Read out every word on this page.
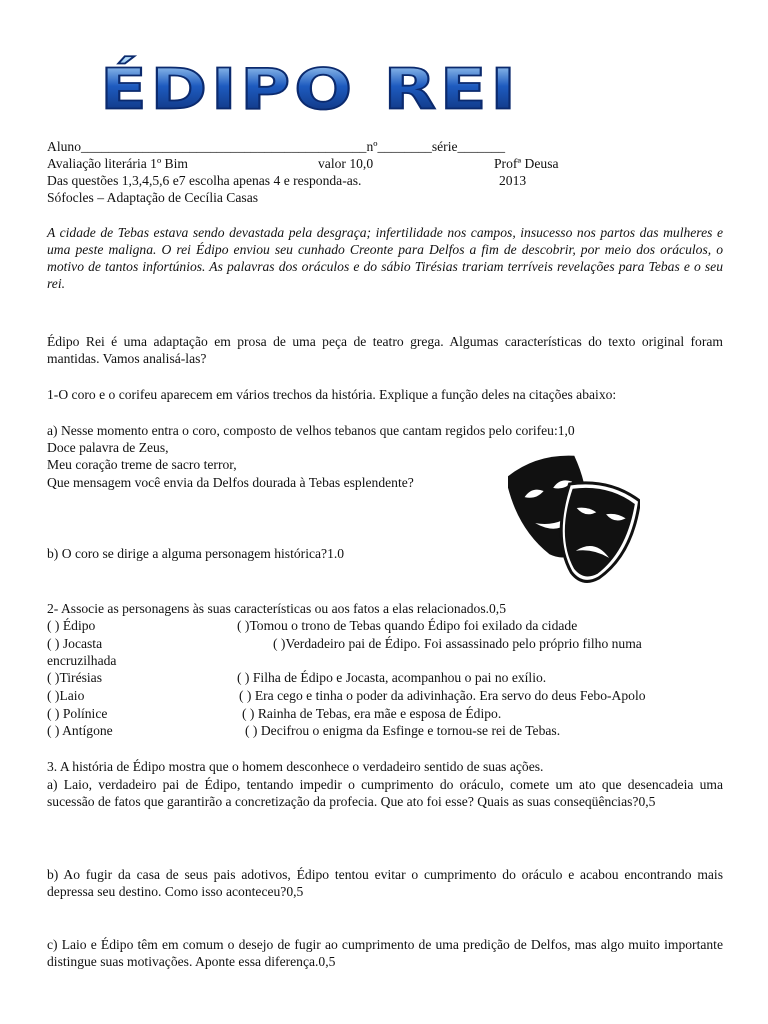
ÉDIPO REI
Aluno__________________________________________nº________série_______
Avaliação literária 1º Bim	valor 10,0	Profª Deusa
Das questões 1,3,4,5,6 e7 escolha apenas 4 e responda-as.	2013
Sófocles – Adaptação de Cecília Casas
A cidade de Tebas estava sendo devastada pela desgraça; infertilidade nos campos, insucesso nos partos das mulheres e uma peste maligna. O rei Édipo enviou seu cunhado Creonte para Delfos a fim de descobrir, por meio dos oráculos, o motivo de tantos infortúnios. As palavras dos oráculos e do sábio Tirésias trariam terríveis revelações para Tebas e o seu rei.
Édipo Rei é uma adaptação em prosa de uma peça de teatro grega. Algumas características do texto original foram mantidas. Vamos analisá-las?
1-O coro e o corifeu aparecem em vários trechos da história. Explique a função deles na citações abaixo:
a) Nesse momento entra o coro, composto de velhos tebanos que cantam regidos pelo corifeu:1,0
Doce palavra de Zeus,
Meu coração treme de sacro terror,
Que mensagem você envia da Delfos dourada à Tebas esplendente?
b) O coro se dirige a alguma personagem histórica?1.0
2- Associe as personagens às suas características ou aos fatos a elas relacionados.0,5
( ) Édipo	( )Tomou o trono de Tebas quando Édipo foi exilado da cidade
( ) Jocasta	( )Verdadeiro pai de Édipo. Foi assassinado pelo próprio filho numa
encruzilhada
( )Tirésias	( ) Filha de Édipo e Jocasta, acompanhou o pai no exílio.
( )Laio	( ) Era cego e tinha o poder da adivinhação. Era servo do deus Febo-Apolo
( ) Polínice	( ) Rainha de Tebas, era mãe e esposa de Édipo.
( ) Antígone	( ) Decifrou o enigma da Esfinge e tornou-se rei de Tebas.
3. A história de Édipo mostra que o homem desconhece o verdadeiro sentido de suas ações.
a) Laio, verdadeiro pai de Édipo, tentando impedir o cumprimento do oráculo, comete um ato que desencadeia uma sucessão de fatos que garantirão a concretização da profecia. Que ato foi esse? Quais as suas conseqüências?0,5
b) Ao fugir da casa de seus pais adotivos, Édipo tentou evitar o cumprimento do oráculo e acabou encontrando mais depressa seu destino. Como isso aconteceu?0,5
c) Laio e Édipo têm em comum o desejo de fugir ao cumprimento de uma predição de Delfos, mas algo muito importante distingue suas motivações. Aponte essa diferença.0,5
